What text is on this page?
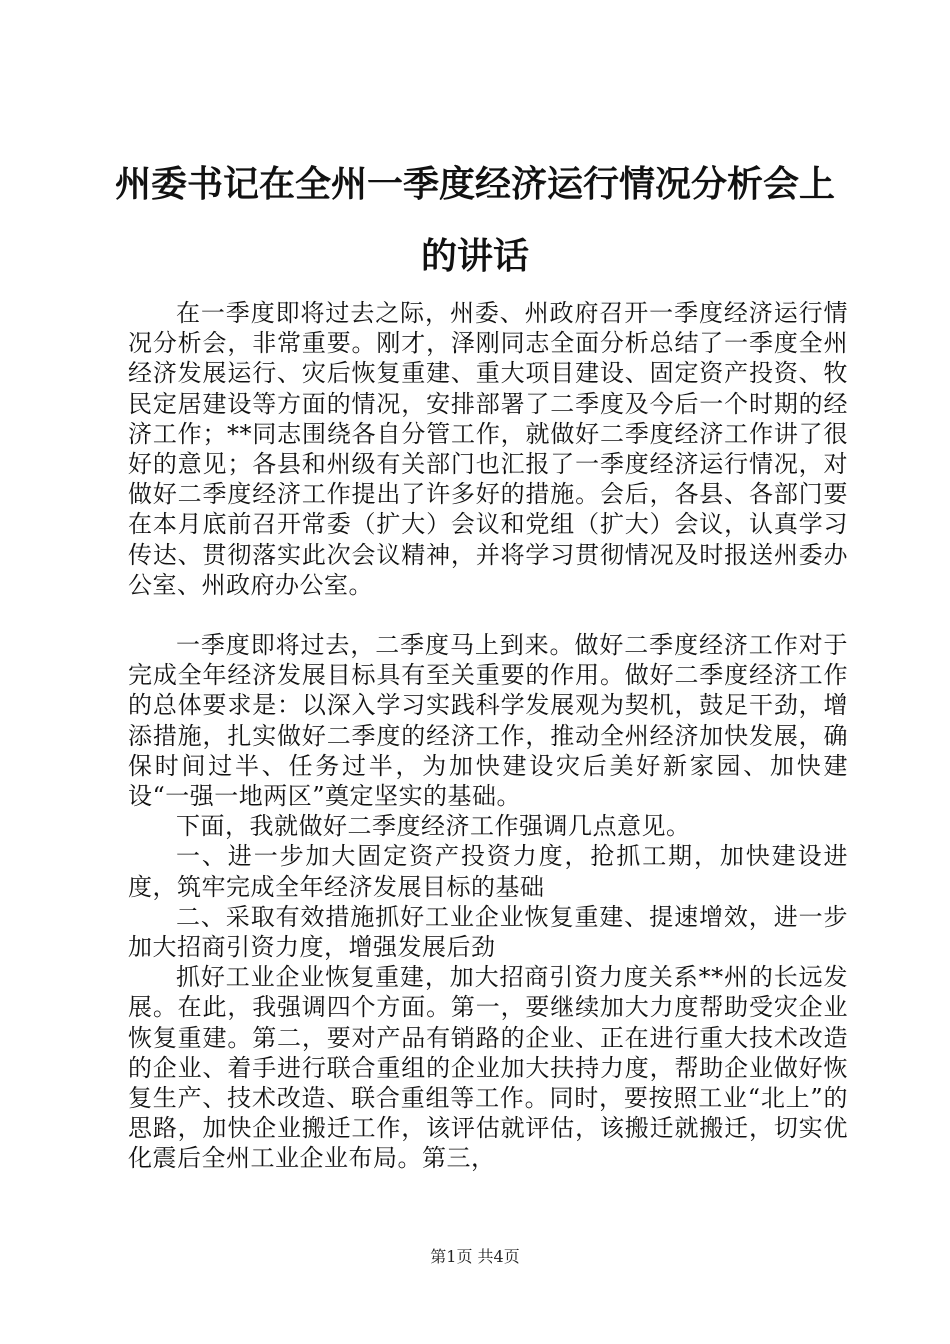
州委书记在全州一季度经济运行情况分析会上
的讲话

在一季度即将过去之际，州委、州政府召开一季度经济运行情况分析会，非常重要。刚才，泽刚同志全面分析总结了一季度全州经济发展运行、灾后恢复重建、重大项目建设、固定资产投资、牧民定居建设等方面的情况，安排部署了二季度及今后一个时期的经济工作；**同志围绕各自分管工作，就做好二季度经济工作讲了很好的意见；各县和州级有关部门也汇报了一季度经济运行情况，对做好二季度经济工作提出了许多好的措施。会后，各县、各部门要在本月底前召开常委（扩大）会议和党组（扩大）会议，认真学习传达、贯彻落实此次会议精神，并将学习贯彻情况及时报送州委办公室、州政府办公室。

一季度即将过去，二季度马上到来。做好二季度经济工作对于完成全年经济发展目标具有至关重要的作用。做好二季度经济工作的总体要求是：以深入学习实践科学发展观为契机，鼓足干劲，增添措施，扎实做好二季度的经济工作，推动全州经济加快发展，确保时间过半、任务过半，为加快建设灾后美好新家园、加快建设“一强一地两区”奠定坚实的基础。

下面，我就做好二季度经济工作强调几点意见。

一、进一步加大固定资产投资力度，抢抓工期，加快建设进度，筑牢完成全年经济发展目标的基础

二、采取有效措施抓好工业企业恢复重建、提速增效，进一步加大招商引资力度，增强发展后劲

抓好工业企业恢复重建，加大招商引资力度关系**州的长远发展。在此，我强调四个方面。第一，要继续加大力度帮助受灾企业恢复重建。第二，要对产品有销路的企业、正在进行重大技术改造的企业、着手进行联合重组的企业加大扶持力度，帮助企业做好恢复生产、技术改造、联合重组等工作。同时，要按照工业“北上”的思路，加快企业搬迁工作，该评估就评估，该搬迁就搬迁，切实优化震后全州工业企业布局。第三，

第1页 共4页
